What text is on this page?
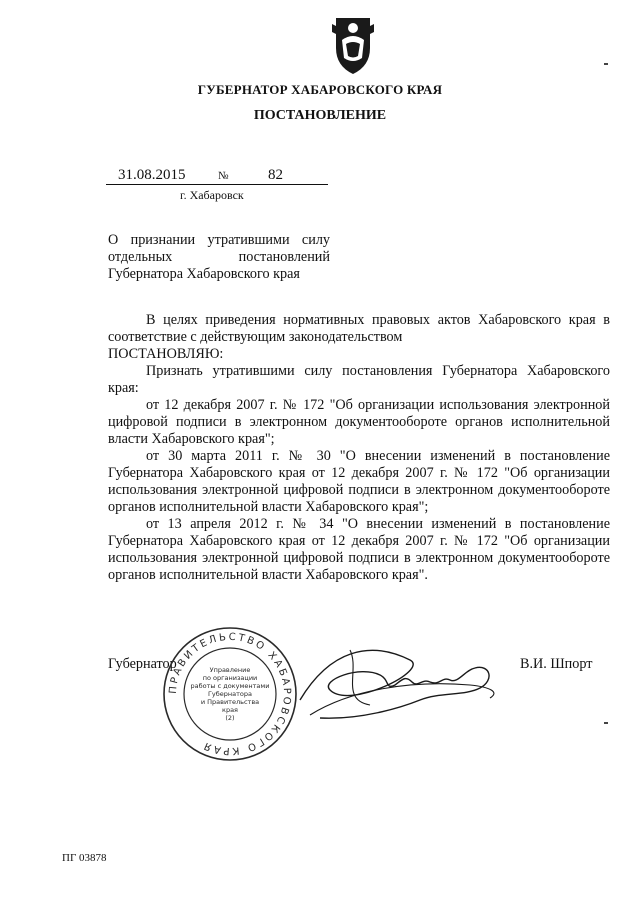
ГУБЕРНАТОР ХАБАРОВСКОГО КРАЯ
ПОСТАНОВЛЕНИЕ
31.08.2015	№	82
г. Хабаровск
О признании утратившими силу отдельных постановлений Губернатора Хабаровского края

В целях приведения нормативных правовых актов Хабаровского края в соответствие с действующим законодательством

ПОСТАНОВЛЯЮ:

Признать утратившими силу постановления Губернатора Хабаровского края:

от 12 декабря 2007 г. № 172 "Об организации использования электронной цифровой подписи в электронном документообороте органов исполнительной власти Хабаровского края";

от 30 марта 2011 г. № 30 "О внесении изменений в постановление Губернатора Хабаровского края от 12 декабря 2007 г. № 172 "Об организации использования электронной цифровой подписи в электронном документообороте органов исполнительной власти Хабаровского края";

от 13 апреля 2012 г. № 34 "О внесении изменений в постановление Губернатора Хабаровского края от 12 декабря 2007 г. № 172 "Об организации использования электронной цифровой подписи в электронном документообороте органов исполнительной власти Хабаровского края".

Губернатор	В.И. Шпорт
ПРАВИТЕЛЬСТВО ХАБАРОВСКОГО КРАЯ
Управление
по организации
работы с документами
Губернатора
и Правительства
края
(2)
ПГ 03878
